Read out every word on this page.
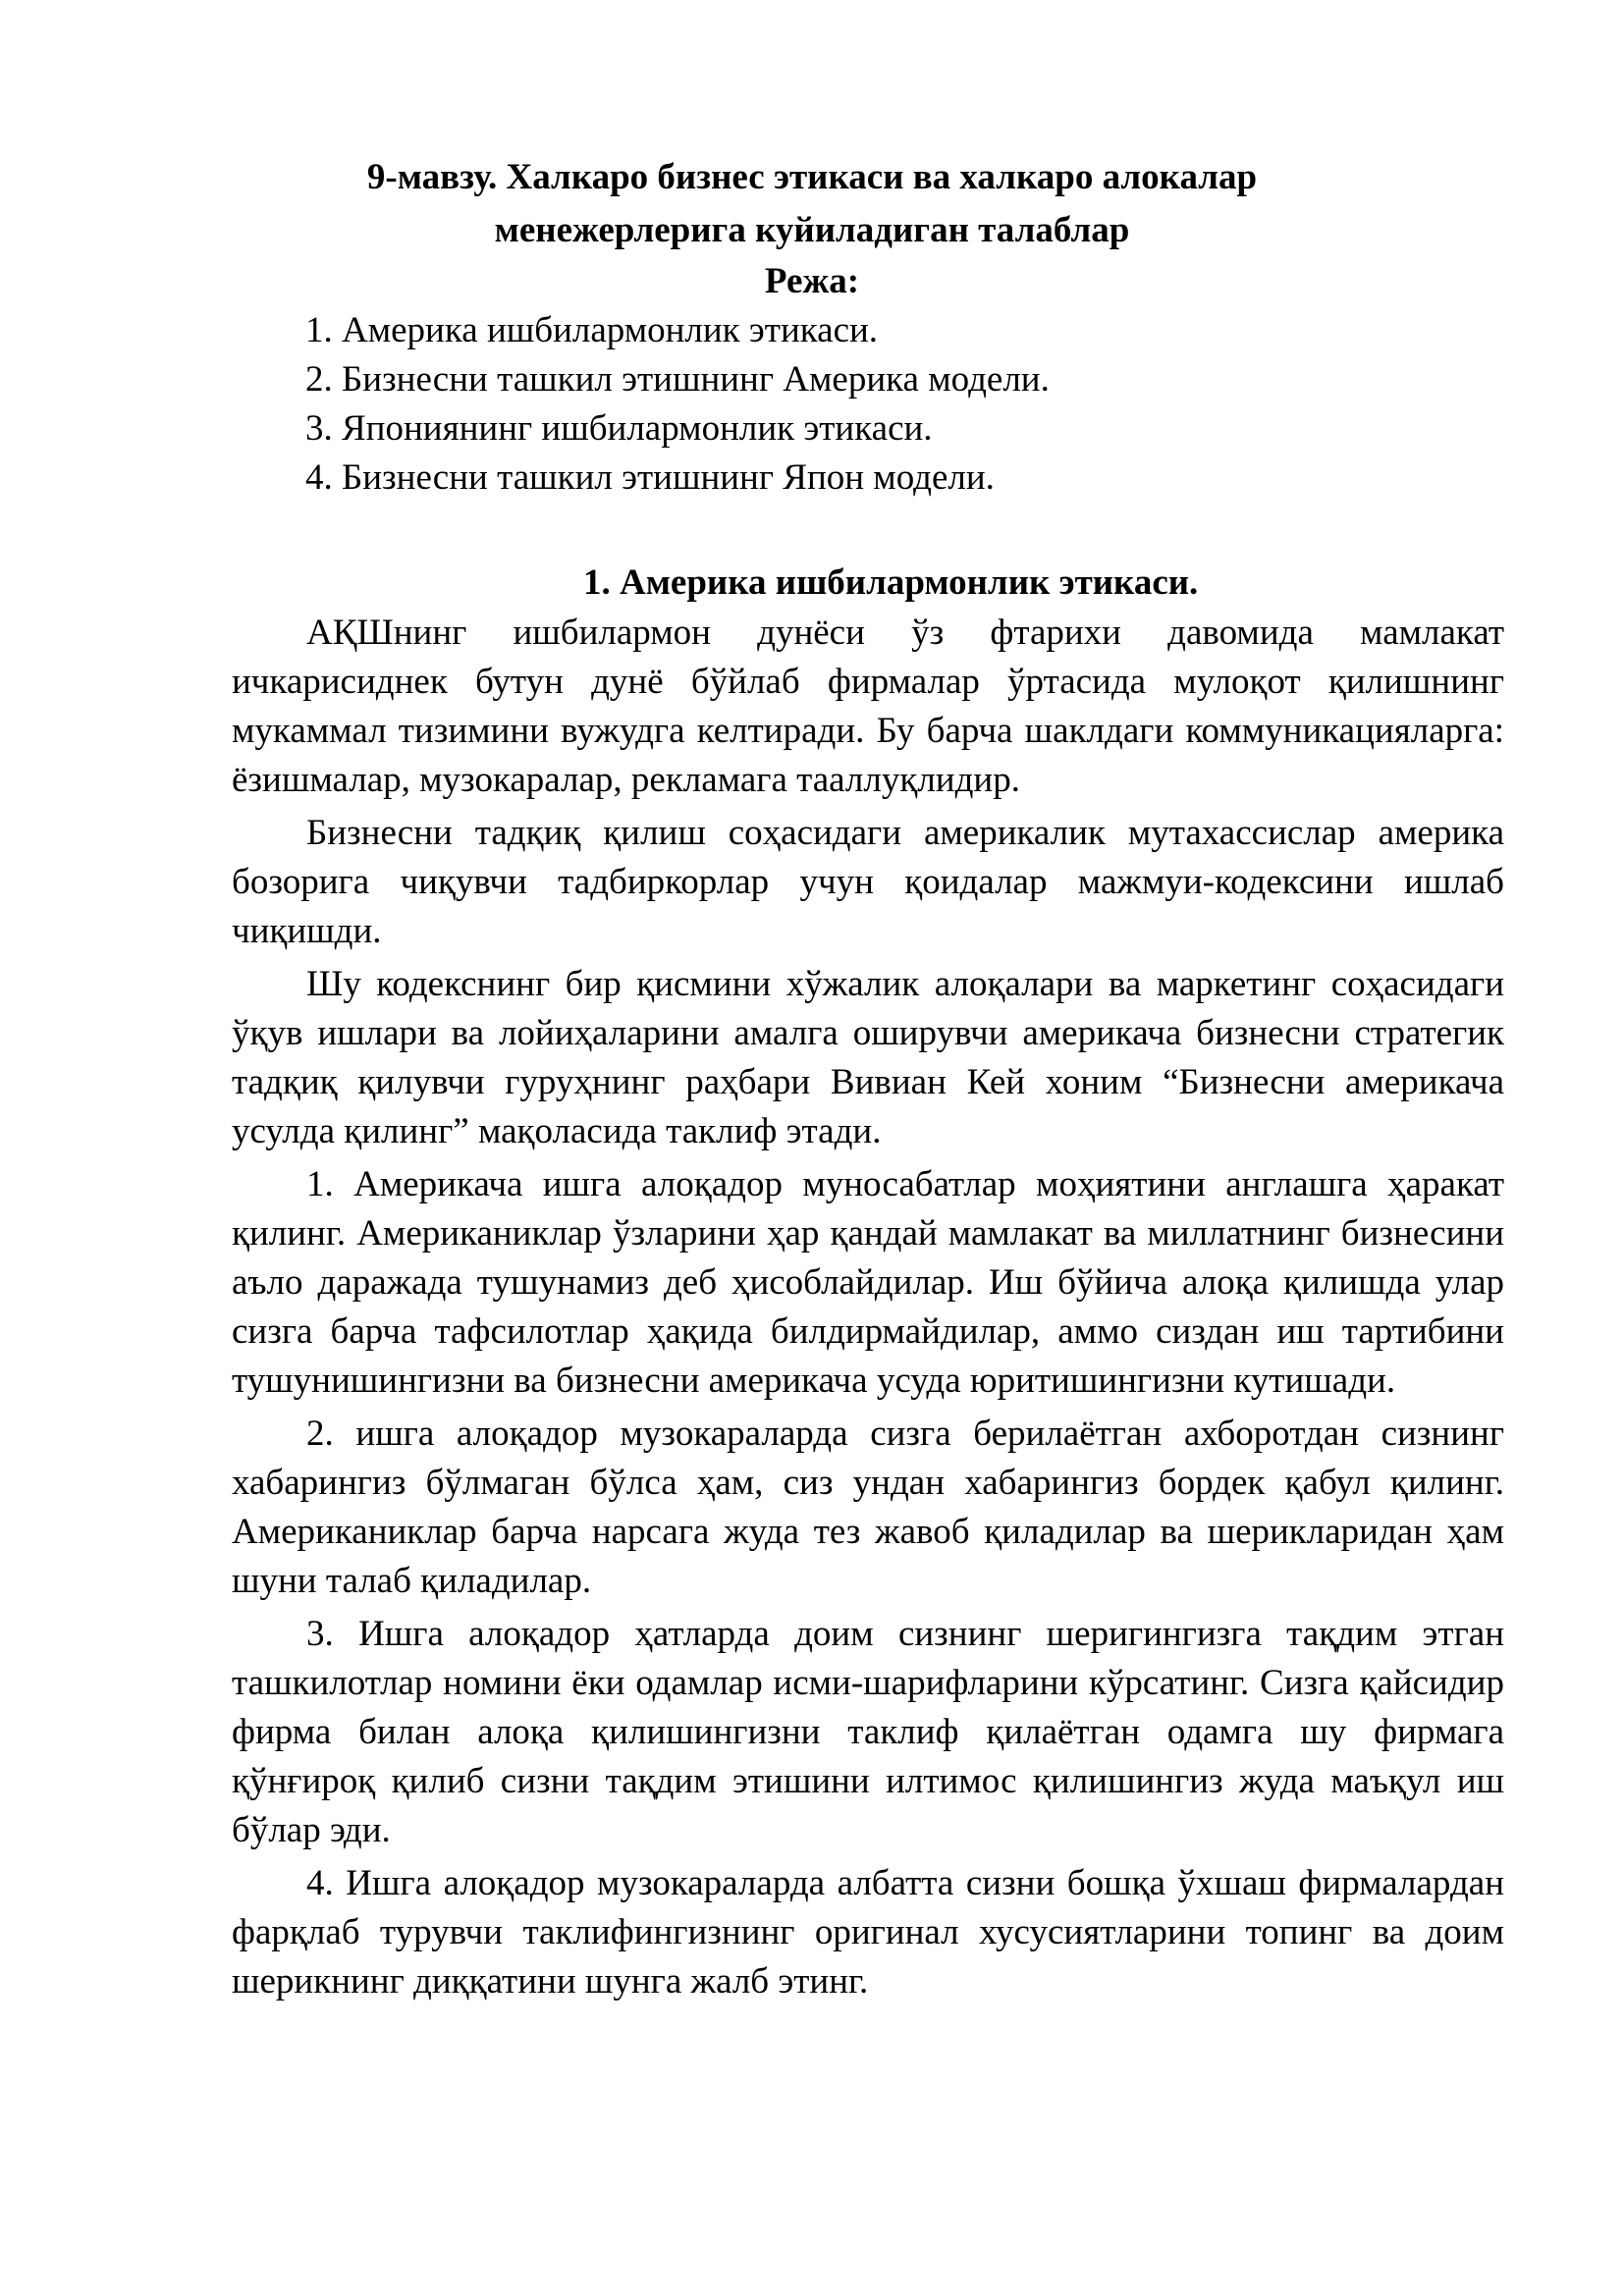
9-мавзу. Халкаро бизнес этикаси ва халкаро алокалар
менежерлерига куйиладиган талаблар
Режа:
1. Америка ишбилармонлик этикаси.
2. Бизнесни ташкил этишнинг Америка модели.
3. Япониянинг ишбилармонлик этикаси.
4. Бизнесни ташкил этишнинг Япон модели.
1. Америка ишбилармонлик этикаси.

АҚШнинг ишбилармон дунёси ўз фтарихи давомида мамлакат ичкарисиднек бутун дунё бўйлаб фирмалар ўртасида мулоқот қилишнинг мукаммал тизимини вужудга келтиради. Бу барча шаклдаги коммуникацияларга: ёзишмалар, музокаралар, рекламага тааллуқлидир.

Бизнесни тадқиқ қилиш соҳасидаги америкалик мутахассислар америка бозорига чиқувчи тадбиркорлар учун қоидалар мажмуи-кодексини ишлаб чиқишди.

Шу кодекснинг бир қисмини хўжалик алоқалари ва маркетинг соҳасидаги ўқув ишлари ва лойиҳаларини амалга оширувчи америкача бизнесни стратегик тадқиқ қилувчи гуруҳнинг раҳбари Вивиан Кей хоним “Бизнесни америкача усулда қилинг” мақоласида таклиф этади.

1. Америкача ишга алоқадор муносабатлар моҳиятини англашга ҳаракат қилинг. Американиклар ўзларини ҳар қандай мамлакат ва миллатнинг бизнесини аъло даражада тушунамиз деб ҳисоблайдилар. Иш бўйича алоқа қилишда улар сизга барча тафсилотлар ҳақида билдирмайдилар, аммо сиздан иш тартибини тушунишингизни ва бизнесни америкача усуда юритишингизни кутишади.

2. ишга алоқадор музокараларда сизга берилаётган ахборотдан сизнинг хабарингиз бўлмаган бўлса ҳам, сиз ундан хабарингиз бордек қабул қилинг. Американиклар барча нарсага жуда тез жавоб қиладилар ва шерикларидан ҳам шуни талаб қиладилар.

3. Ишга алоқадор ҳатларда доим сизнинг шеригингизга тақдим этган ташкилотлар номини ёки одамлар исми-шарифларини кўрсатинг. Сизга қайсидир фирма билан алоқа қилишингизни таклиф қилаётган одамга шу фирмага қўнғироқ қилиб сизни тақдим этишини илтимос қилишингиз жуда маъқул иш бўлар эди.

4. Ишга алоқадор музокараларда албатта сизни бошқа ўхшаш фирмалардан фарқлаб турувчи таклифингизнинг оригинал хусусиятларини топинг ва доим шерикнинг диққатини шунга жалб этинг.
